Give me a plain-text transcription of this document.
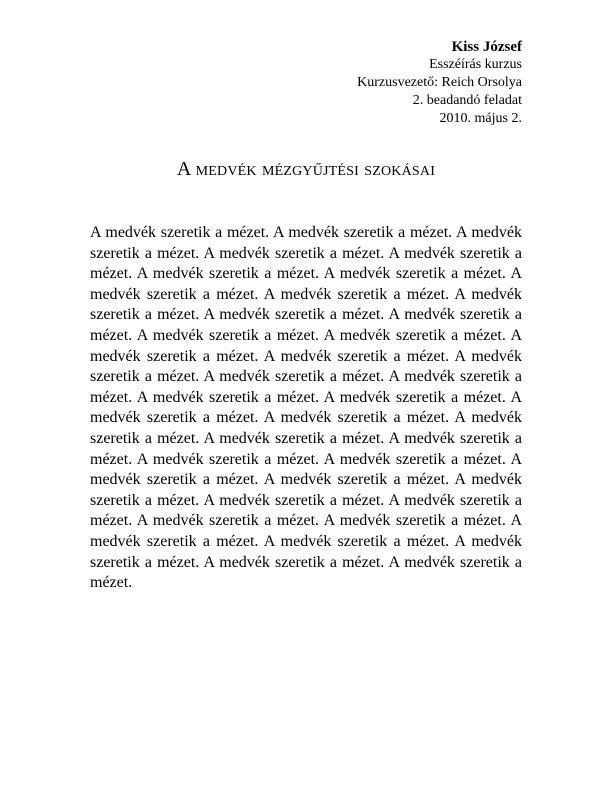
Kiss József
Esszéírás kurzus
Kurzusvezető: Reich Orsolya
2. beadandó feladat
2010. május 2.
A medvék mézgyűjtési szokásai

A medvék szeretik a mézet. A medvék szeretik a mézet. A medvék szeretik a mézet. A medvék szeretik a mézet. A medvék szeretik a mézet. A medvék szeretik a mézet. A medvék szeretik a mézet. A medvék szeretik a mézet. A medvék szeretik a mézet. A medvék szeretik a mézet. A medvék szeretik a mézet. A medvék szeretik a mézet. A medvék szeretik a mézet. A medvék szeretik a mézet. A medvék szeretik a mézet. A medvék szeretik a mézet. A medvék szeretik a mézet. A medvék szeretik a mézet. A medvék szeretik a mézet. A medvék szeretik a mézet. A medvék szeretik a mézet. A medvék szeretik a mézet. A medvék szeretik a mézet. A medvék szeretik a mézet. A medvék szeretik a mézet. A medvék szeretik a mézet. A medvék szeretik a mézet. A medvék szeretik a mézet. A medvék szeretik a mézet. A medvék szeretik a mézet. A medvék szeretik a mézet. A medvék szeretik a mézet. A medvék szeretik a mézet. A medvék szeretik a mézet. A medvék szeretik a mézet. A medvék szeretik a mézet. A medvék szeretik a mézet. A medvék szeretik a mézet. A medvék szeretik a mézet. A medvék szeretik a mézet.
